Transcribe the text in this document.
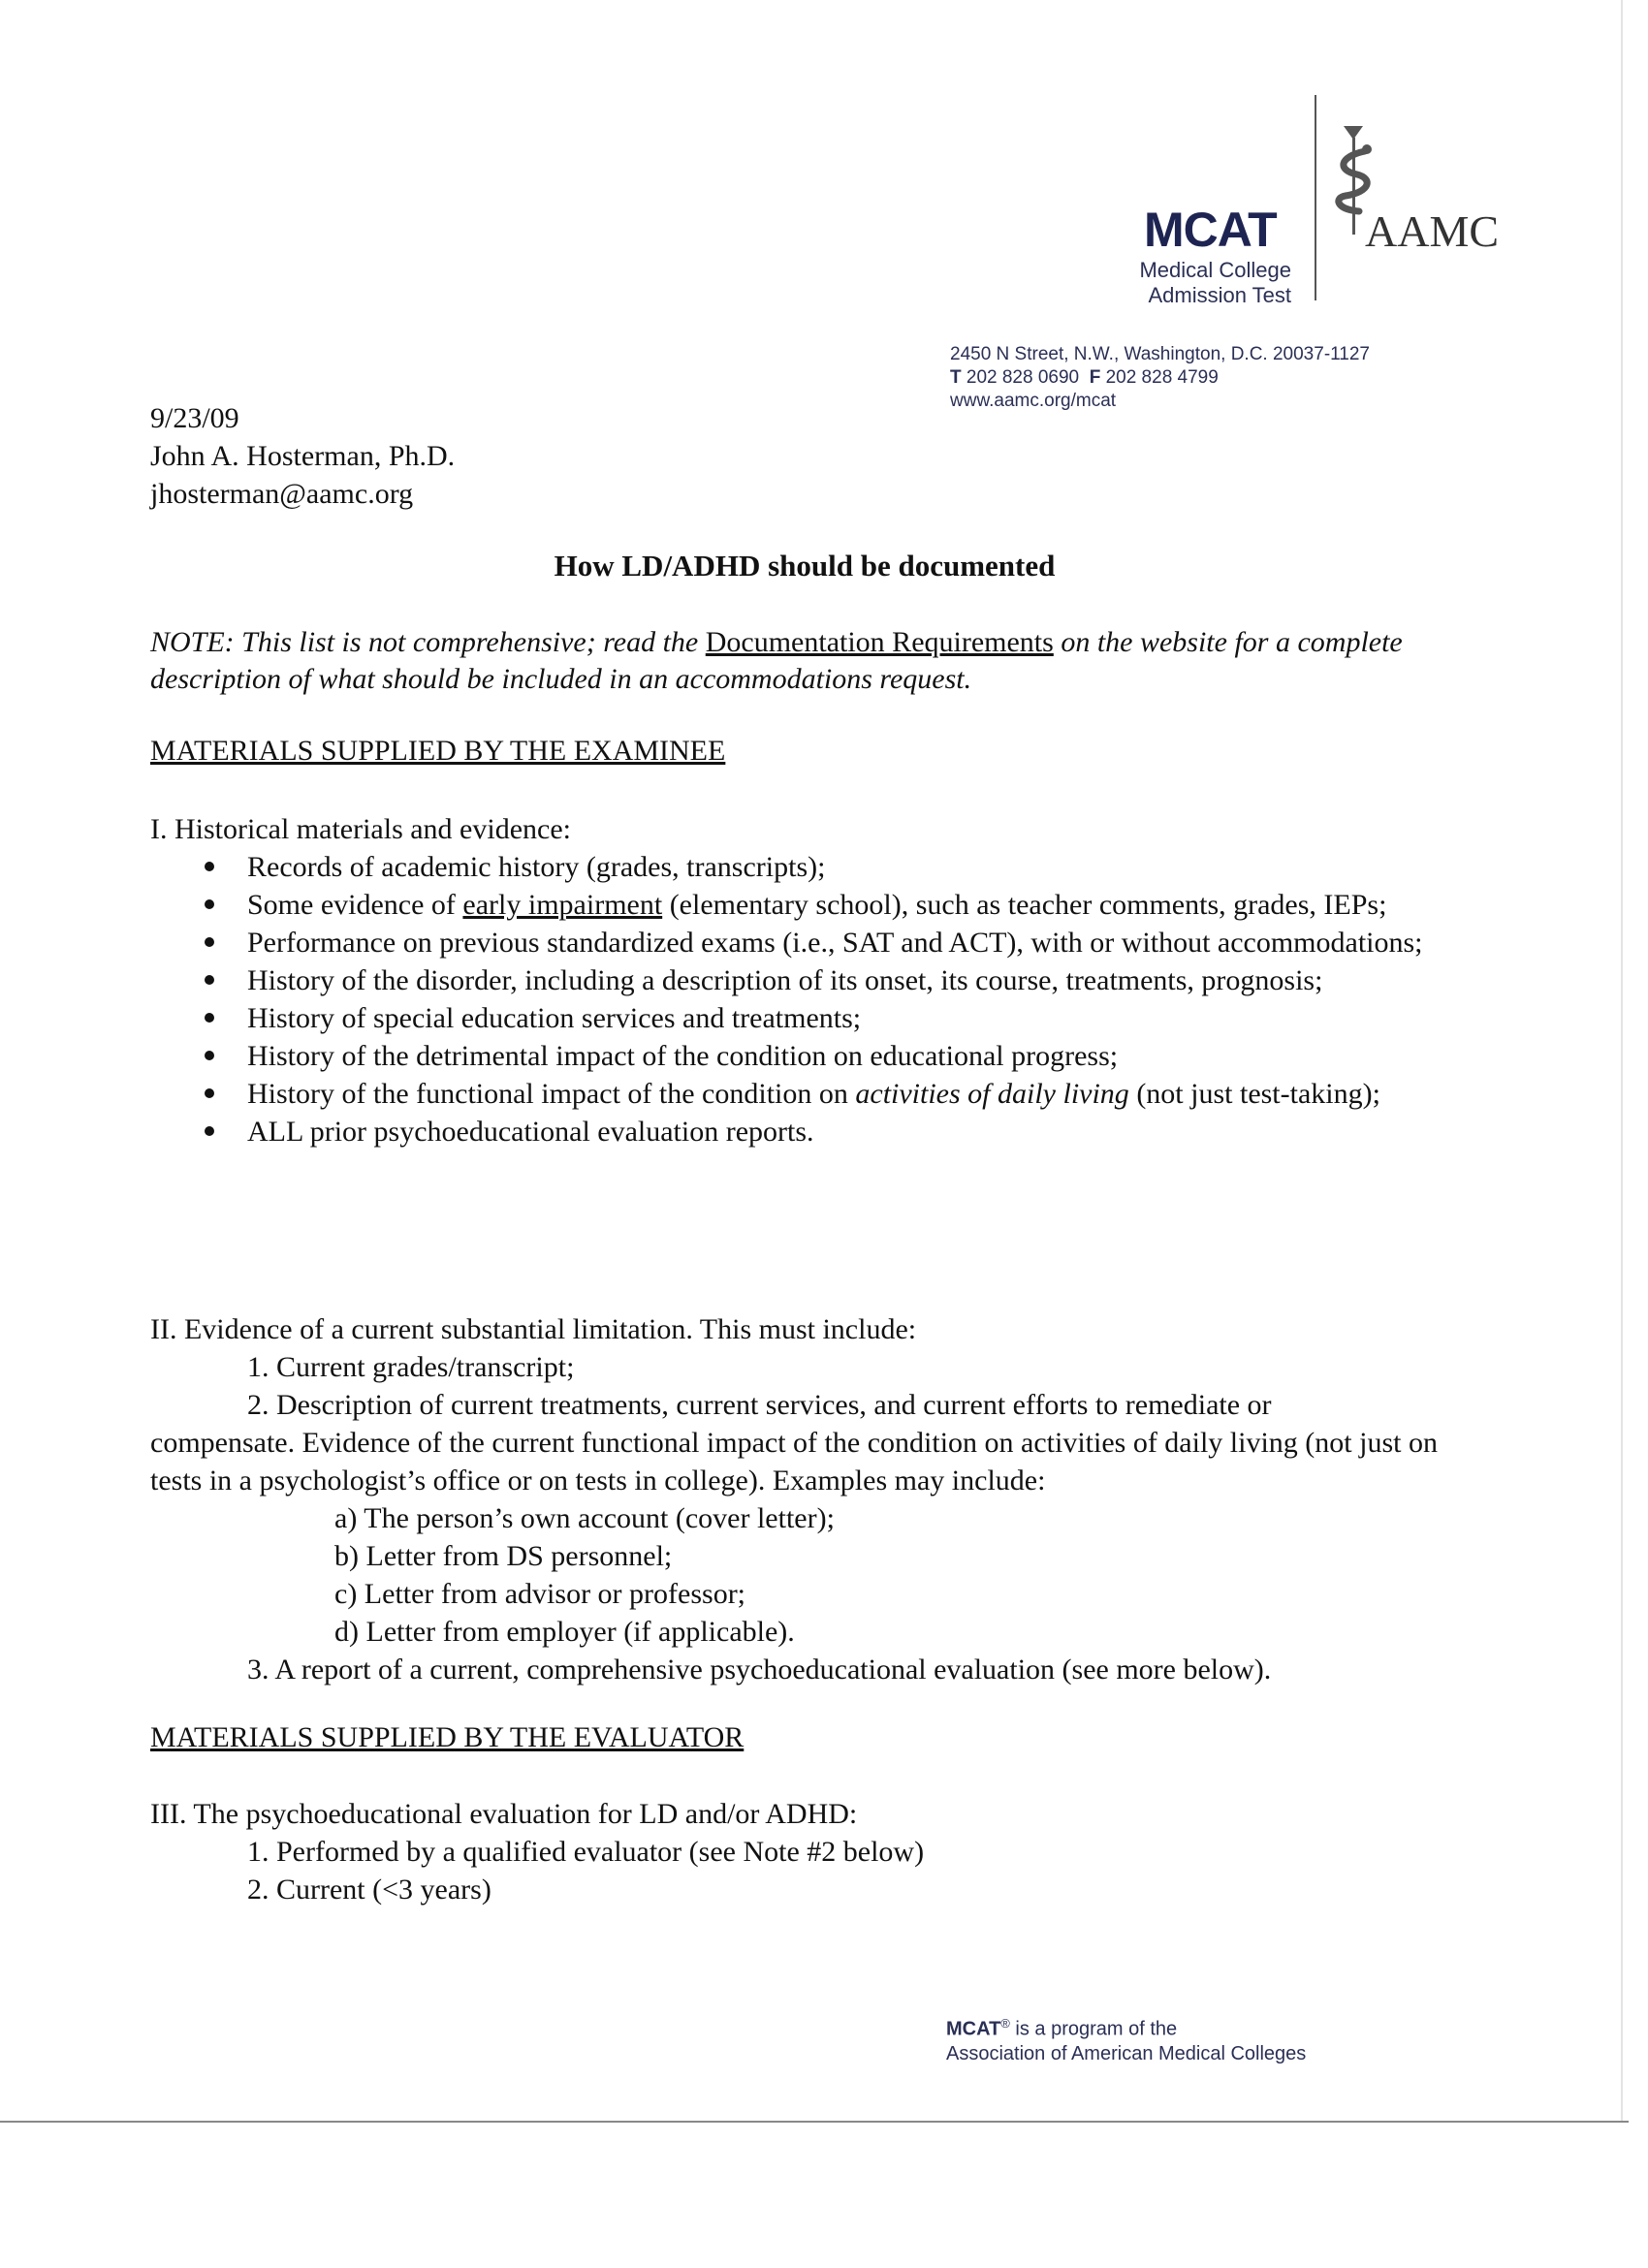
MCAT
Medical College
Admission Test
AAMC
2450 N Street, N.W., Washington, D.C. 20037-1127
T 202 828 0690 F 202 828 4799
www.aamc.org/mcat
9/23/09
John A. Hosterman, Ph.D.
jhosterman@aamc.org
How LD/ADHD should be documented
NOTE: This list is not comprehensive; read the Documentation Requirements on the website for a complete description of what should be included in an accommodations request.
MATERIALS SUPPLIED BY THE EXAMINEE
I. Historical materials and evidence:
Records of academic history (grades, transcripts);
Some evidence of early impairment (elementary school), such as teacher comments, grades, IEPs;
Performance on previous standardized exams (i.e., SAT and ACT), with or without accommodations;
History of the disorder, including a description of its onset, its course, treatments, prognosis;
History of special education services and treatments;
History of the detrimental impact of the condition on educational progress;
History of the functional impact of the condition on activities of daily living (not just test-taking);
ALL prior psychoeducational evaluation reports.
II. Evidence of a current substantial limitation. This must include:
1. Current grades/transcript;
2. Description of current treatments, current services, and current efforts to remediate or
compensate. Evidence of the current functional impact of the condition on activities of daily living (not just on tests in a psychologist’s office or on tests in college). Examples may include:
a) The person’s own account (cover letter);
b) Letter from DS personnel;
c) Letter from advisor or professor;
d) Letter from employer (if applicable).
3. A report of a current, comprehensive psychoeducational evaluation (see more below).
MATERIALS SUPPLIED BY THE EVALUATOR
III. The psychoeducational evaluation for LD and/or ADHD:
1. Performed by a qualified evaluator (see Note #2 below)
2. Current (<3 years)
MCAT® is a program of the
Association of American Medical Colleges
